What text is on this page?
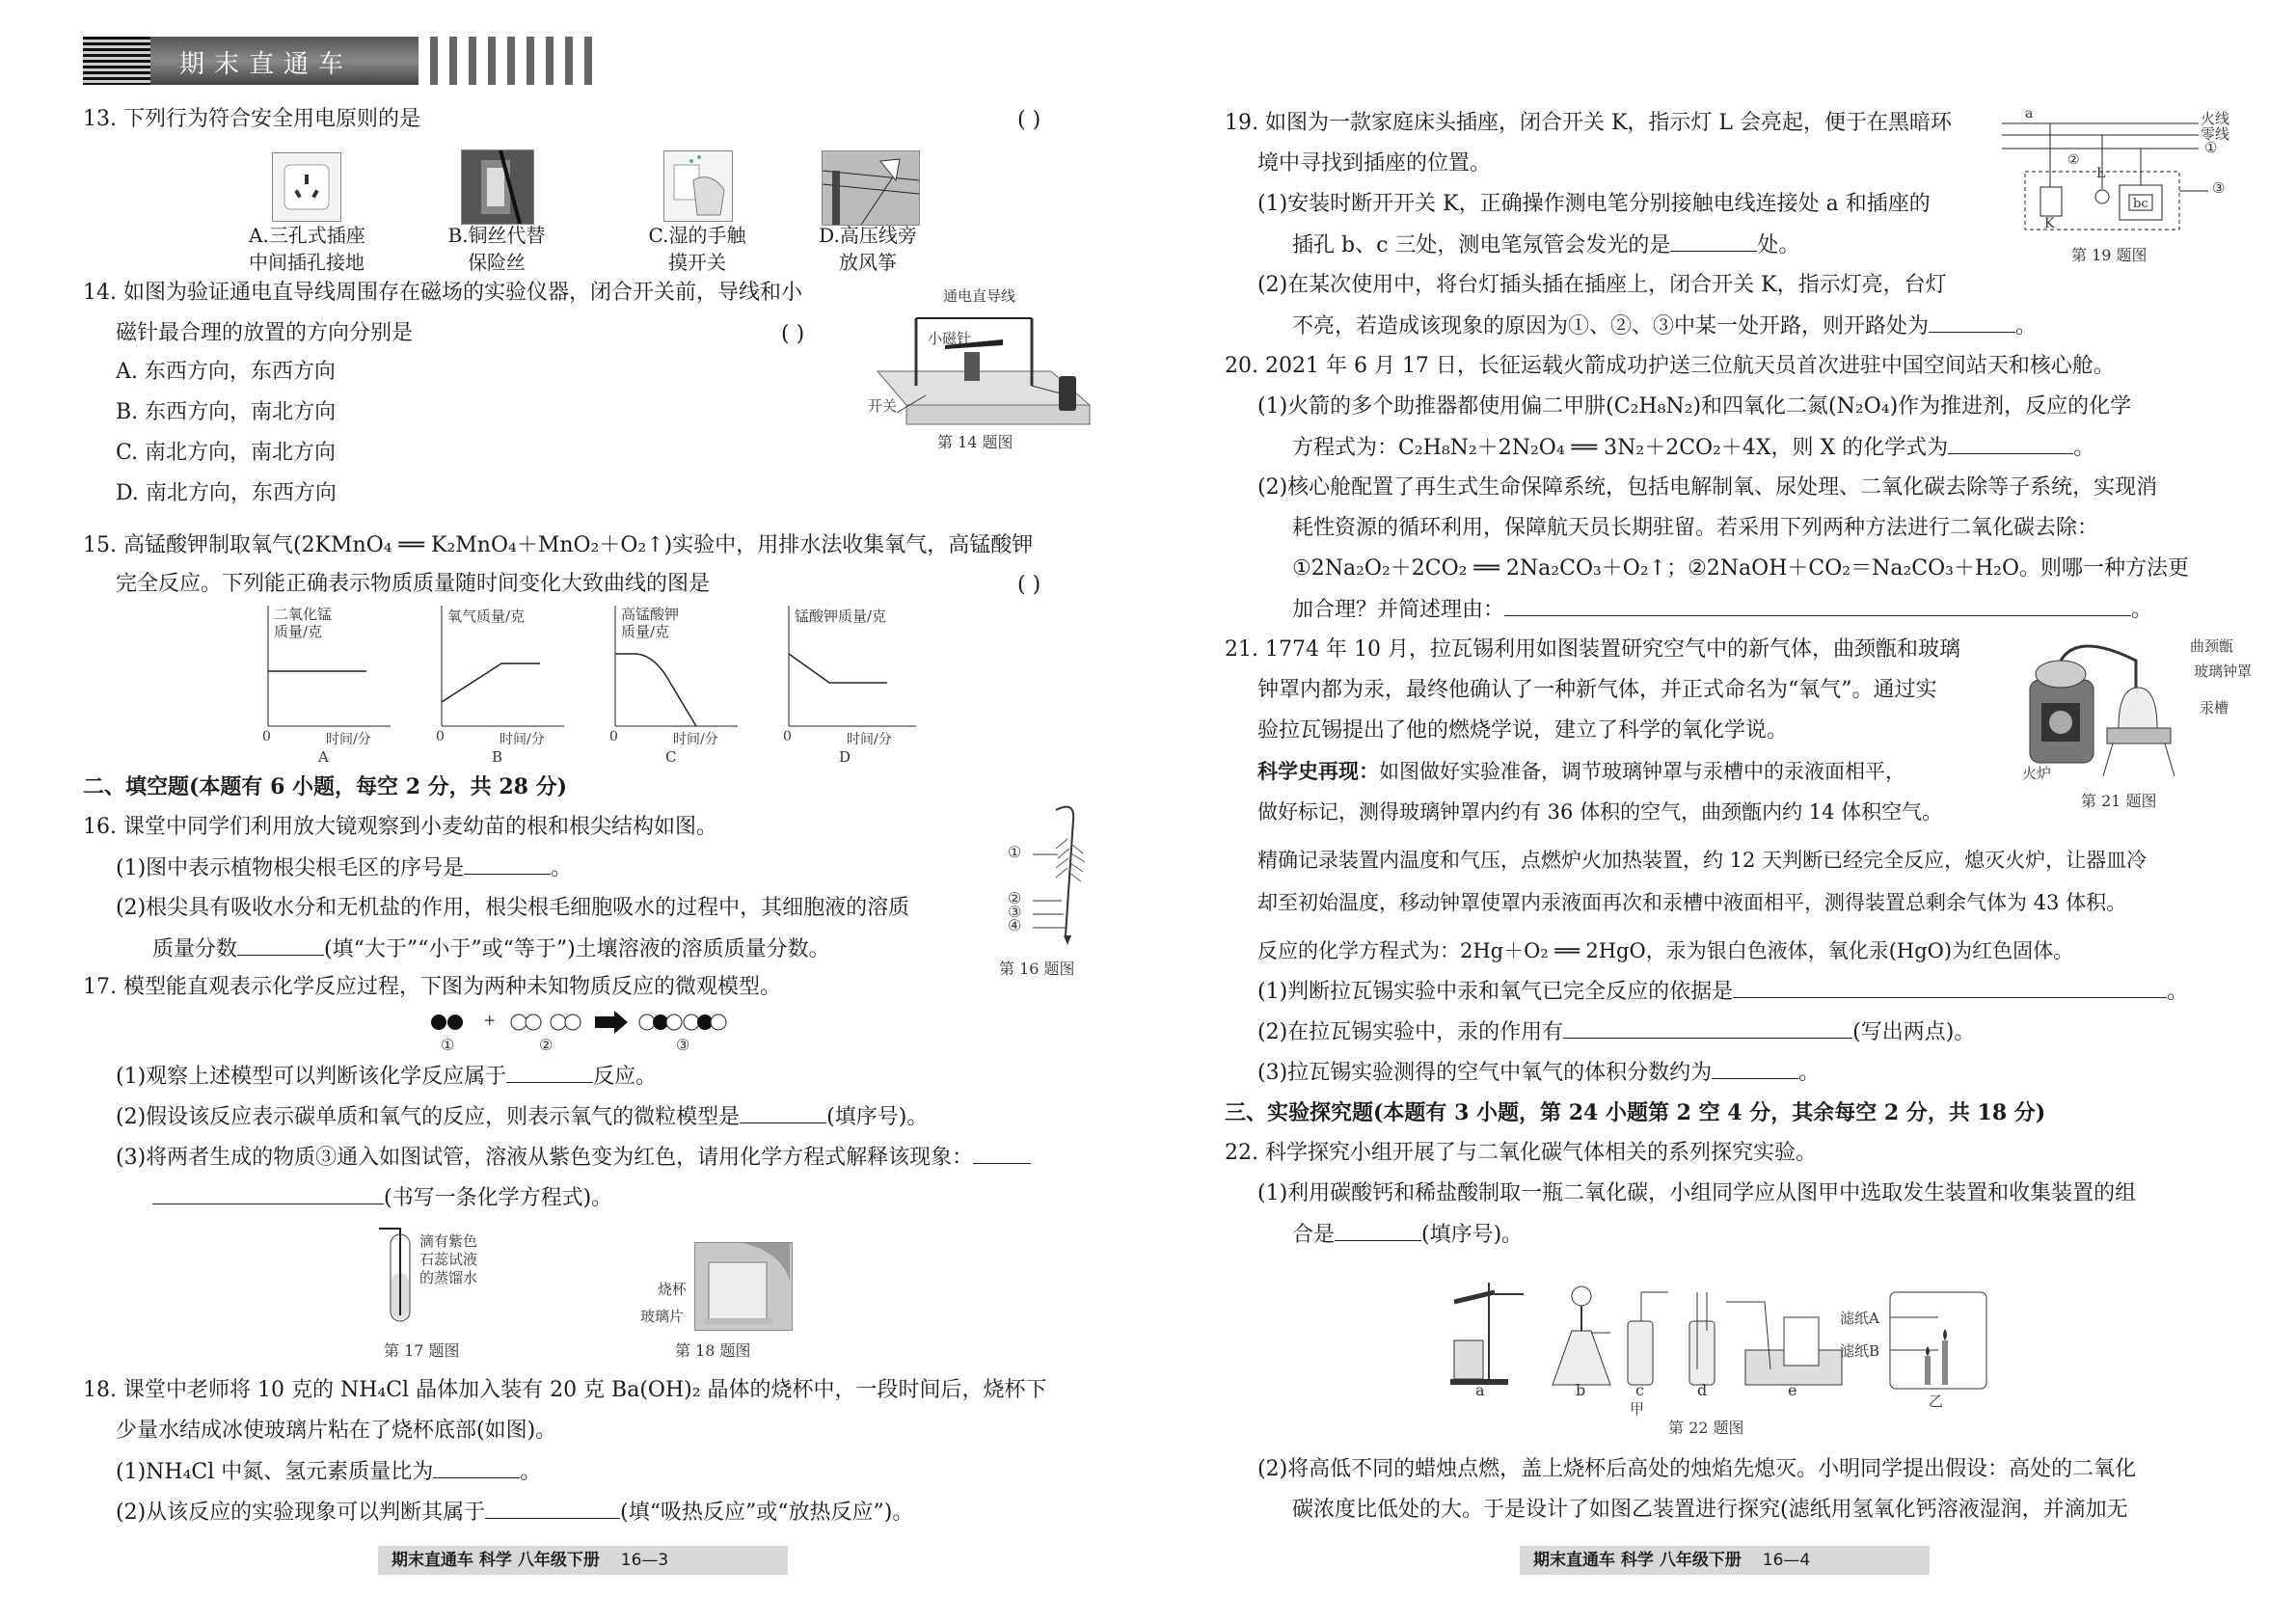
期末直通车
13. 下列行为符合安全用电原则的是	( )
A.三孔式插座
中间插孔接地
B.铜丝代替
保险丝
C.湿的手触
摸开关
D.高压线旁
放风筝
14. 如图为验证通电直导线周围存在磁场的实验仪器，闭合开关前，导线和小
磁针最合理的放置的方向分别是	( )
A. 东西方向，东西方向
B. 东西方向，南北方向
C. 南北方向，南北方向
D. 南北方向，东西方向
通电直导线
小磁针
开关
第 14 题图
15. 高锰酸钾制取氧气(2KMnO₄ ══ K₂MnO₄＋MnO₂＋O₂↑)实验中，用排水法收集氧气，高锰酸钾
完全反应。下列能正确表示物质质量随时间变化大致曲线的图是	( )
二氧化锰
质量/克
0	时间/分
A
氧气质量/克
0	时间/分
B
高锰酸钾
质量/克
0	时间/分
C
锰酸钾质量/克
0	时间/分
D
二、填空题(本题有 6 小题，每空 2 分，共 28 分)
16. 课堂中同学们利用放大镜观察到小麦幼苗的根和根尖结构如图。
(1)图中表示植物根尖根毛区的序号是	。
(2)根尖具有吸收水分和无机盐的作用，根尖根毛细胞吸水的过程中，其细胞液的溶质
质量分数	(填“大于”“小于”或“等于”)土壤溶液的溶质质量分数。
①
②
③
④
第 16 题图
17. 模型能直观表示化学反应过程，下图为两种未知物质反应的微观模型。
+
①	②	③
(1)观察上述模型可以判断该化学反应属于	反应。
(2)假设该反应表示碳单质和氧气的反应，则表示氧气的微粒模型是	(填序号)。
(3)将两者生成的物质③通入如图试管，溶液从紫色变为红色，请用化学方程式解释该现象：
(书写一条化学方程式)。
滴有紫色石蕊试液的蒸馏水
第 17 题图
烧杯
玻璃片
第 18 题图
18. 课堂中老师将 10 克的 NH₄Cl 晶体加入装有 20 克 Ba(OH)₂ 晶体的烧杯中，一段时间后，烧杯下
少量水结成冰使玻璃片粘在了烧杯底部(如图)。
(1)NH₄Cl 中氮、氢元素质量比为	。
(2)从该反应的实验现象可以判断其属于	(填“吸热反应”或“放热反应”)。
期末直通车 科学 八年级下册 16—3
19. 如图为一款家庭床头插座，闭合开关 K，指示灯 L 会亮起，便于在黑暗环
境中寻找到插座的位置。
(1)安装时断开开关 K，正确操作测电笔分别接触电线连接处 a 和插座的
插孔 b、c 三处，测电笔氖管会发光的是	处。
(2)在某次使用中，将台灯插头插在插座上，闭合开关 K，指示灯亮，台灯
不亮，若造成该现象的原因为①、②、③中某一处开路，则开路处为	。
火线
零线
①
②
③
a
K
L
bc
第 19 题图
20. 2021 年 6 月 17 日，长征运载火箭成功护送三位航天员首次进驻中国空间站天和核心舱。
(1)火箭的多个助推器都使用偏二甲肼(C₂H₈N₂)和四氧化二氮(N₂O₄)作为推进剂，反应的化学
方程式为：C₂H₈N₂＋2N₂O₄ ══ 3N₂＋2CO₂＋4X，则 X 的化学式为	。
(2)核心舱配置了再生式生命保障系统，包括电解制氧、尿处理、二氧化碳去除等子系统，实现消
耗性资源的循环利用，保障航天员长期驻留。若采用下列两种方法进行二氧化碳去除：
①2Na₂O₂＋2CO₂ ══ 2Na₂CO₃＋O₂↑；②2NaOH＋CO₂＝Na₂CO₃＋H₂O。则哪一种方法更
加合理？并简述理由：	。
21. 1774 年 10 月，拉瓦锡利用如图装置研究空气中的新气体，曲颈甑和玻璃
钟罩内都为汞，最终他确认了一种新气体，并正式命名为“氧气”。通过实
验拉瓦锡提出了他的燃烧学说，建立了科学的氧化学说。
科学史再现：如图做好实验准备，调节玻璃钟罩与汞槽中的汞液面相平，
做好标记，测得玻璃钟罩内约有 36 体积的空气，曲颈甑内约 14 体积空气。
精确记录装置内温度和气压，点燃炉火加热装置，约 12 天判断已经完全反应，熄灭火炉，让器皿冷
却至初始温度，移动钟罩使罩内汞液面再次和汞槽中液面相平，测得装置总剩余气体为 43 体积。
反应的化学方程式为：2Hg＋O₂ ══ 2HgO，汞为银白色液体，氧化汞(HgO)为红色固体。
(1)判断拉瓦锡实验中汞和氧气已完全反应的依据是	。
(2)在拉瓦锡实验中，汞的作用有	(写出两点)。
(3)拉瓦锡实验测得的空气中氧气的体积分数约为	。
曲颈甑
玻璃钟罩
汞槽
火炉
第 21 题图
三、实验探究题(本题有 3 小题，第 24 小题第 2 空 4 分，其余每空 2 分，共 18 分)
22. 科学探究小组开展了与二氧化碳气体相关的系列探究实验。
(1)利用碳酸钙和稀盐酸制取一瓶二氧化碳，小组同学应从图甲中选取发生装置和收集装置的组
合是	(填序号)。
a	b	c	d	e
甲	乙
滤纸A
滤纸B
第 22 题图
(2)将高低不同的蜡烛点燃，盖上烧杯后高处的烛焰先熄灭。小明同学提出假设：高处的二氧化
碳浓度比低处的大。于是设计了如图乙装置进行探究(滤纸用氢氧化钙溶液湿润，并滴加无
期末直通车 科学 八年级下册 16—4
